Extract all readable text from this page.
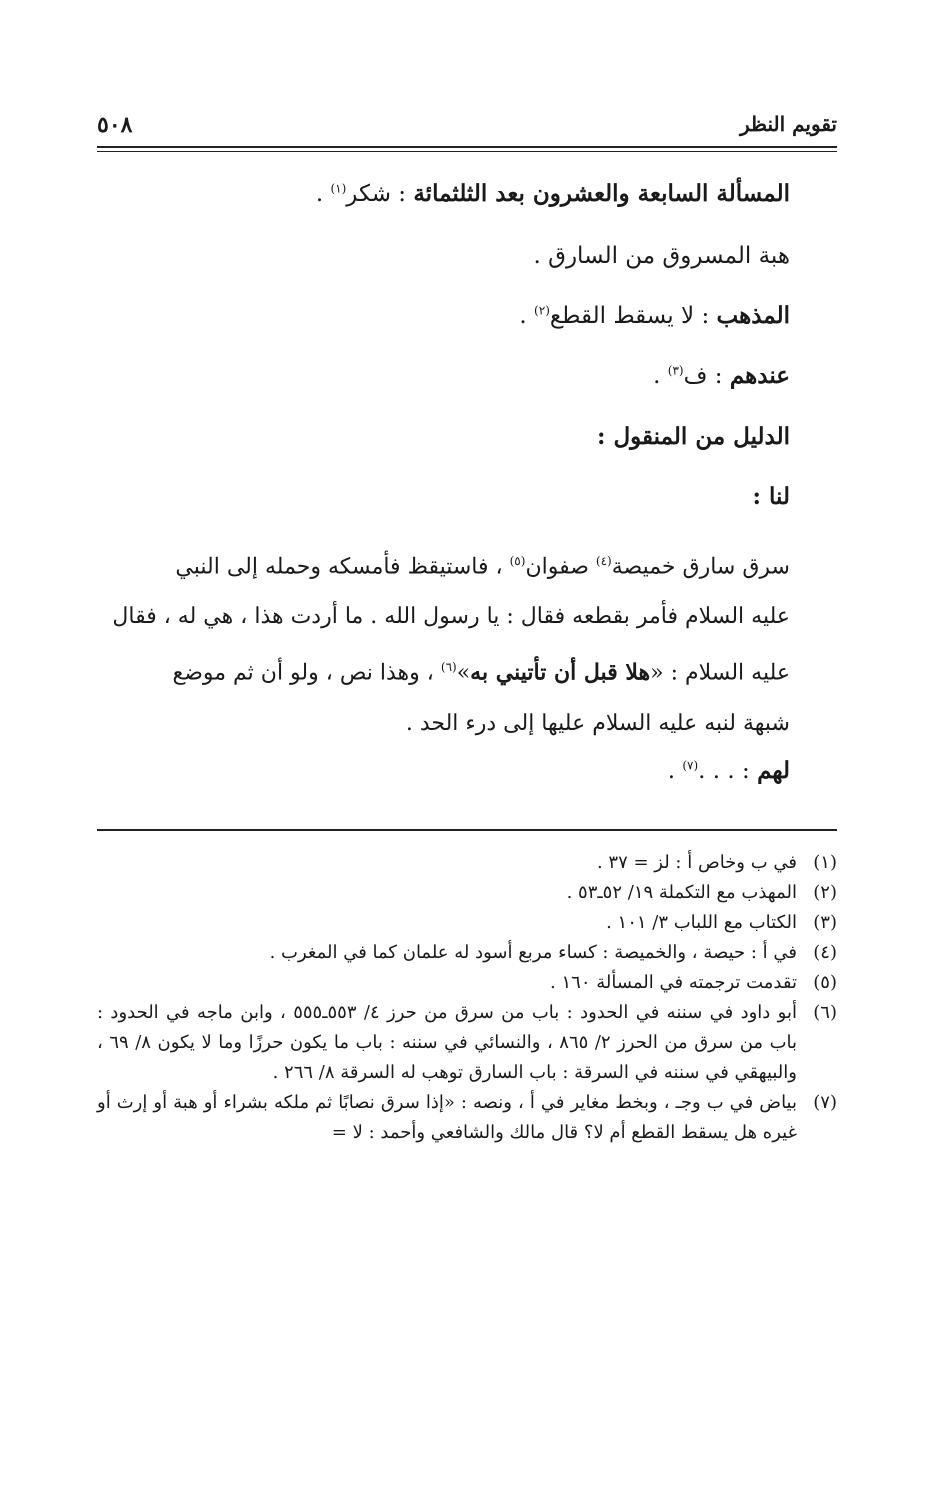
تقويم النظر
٥٠٨
المسألة السابعة والعشرون بعد الثلثمائة : شكر$^{(١)}$ .
هبة المسروق من السارق .
المذهب : لا يسقط القطع$^{(٢)}$ .
عندهم : ف$^{(٣)}$ .
الدليل من المنقول :
لنا :
سرق سارق خميصة$^{(٤)}$ صفوان$^{(٥)}$ ، فاستيقظ فأمسكه وحمله إلى النبي
عليه السلام فأمر بقطعه فقال : يا رسول الله . ما أردت هذا ، هي له ، فقال
عليه السلام : «هلا قبل أن تأتيني به»$^{(٦)}$ ، وهذا نص ، ولو أن ثم موضع
شبهة لنبه عليه السلام عليها إلى درء الحد .
لهم : . . .$^{(٧)}$ .
(١)
في ب وخاص أ : لز = ٣٧ .
(٢)
المهذب مع التكملة ١٩/ ٥٢ـ٥٣ .
(٣)
الكتاب مع اللباب ٣/ ١٠١ .
(٤)
في أ : حيصة ، والخميصة : كساء مربع أسود له علمان كما في المغرب .
(٥)
تقدمت ترجمته في المسألة ١٦٠ .
(٦)
أبو داود في سننه في الحدود : باب من سرق من حرز ٤/ ٥٥٣ـ٥٥٥ ، وابن ماجه في الحدود : باب من سرق من الحرز ٢/ ٨٦٥ ، والنسائي في سننه : باب ما يكون حرزًا وما لا يكون ٨/ ٦٩ ، والبيهقي في سننه في السرقة : باب السارق توهب له السرقة ٨/ ٢٦٦ .
(٧)
بياض في ب وجـ ، وبخط مغاير في أ ، ونصه : «إذا سرق نصابًا ثم ملكه بشراء أو هبة أو إرث أو غيره هل يسقط القطع أم لا؟ قال مالك والشافعي وأحمد : لا =
